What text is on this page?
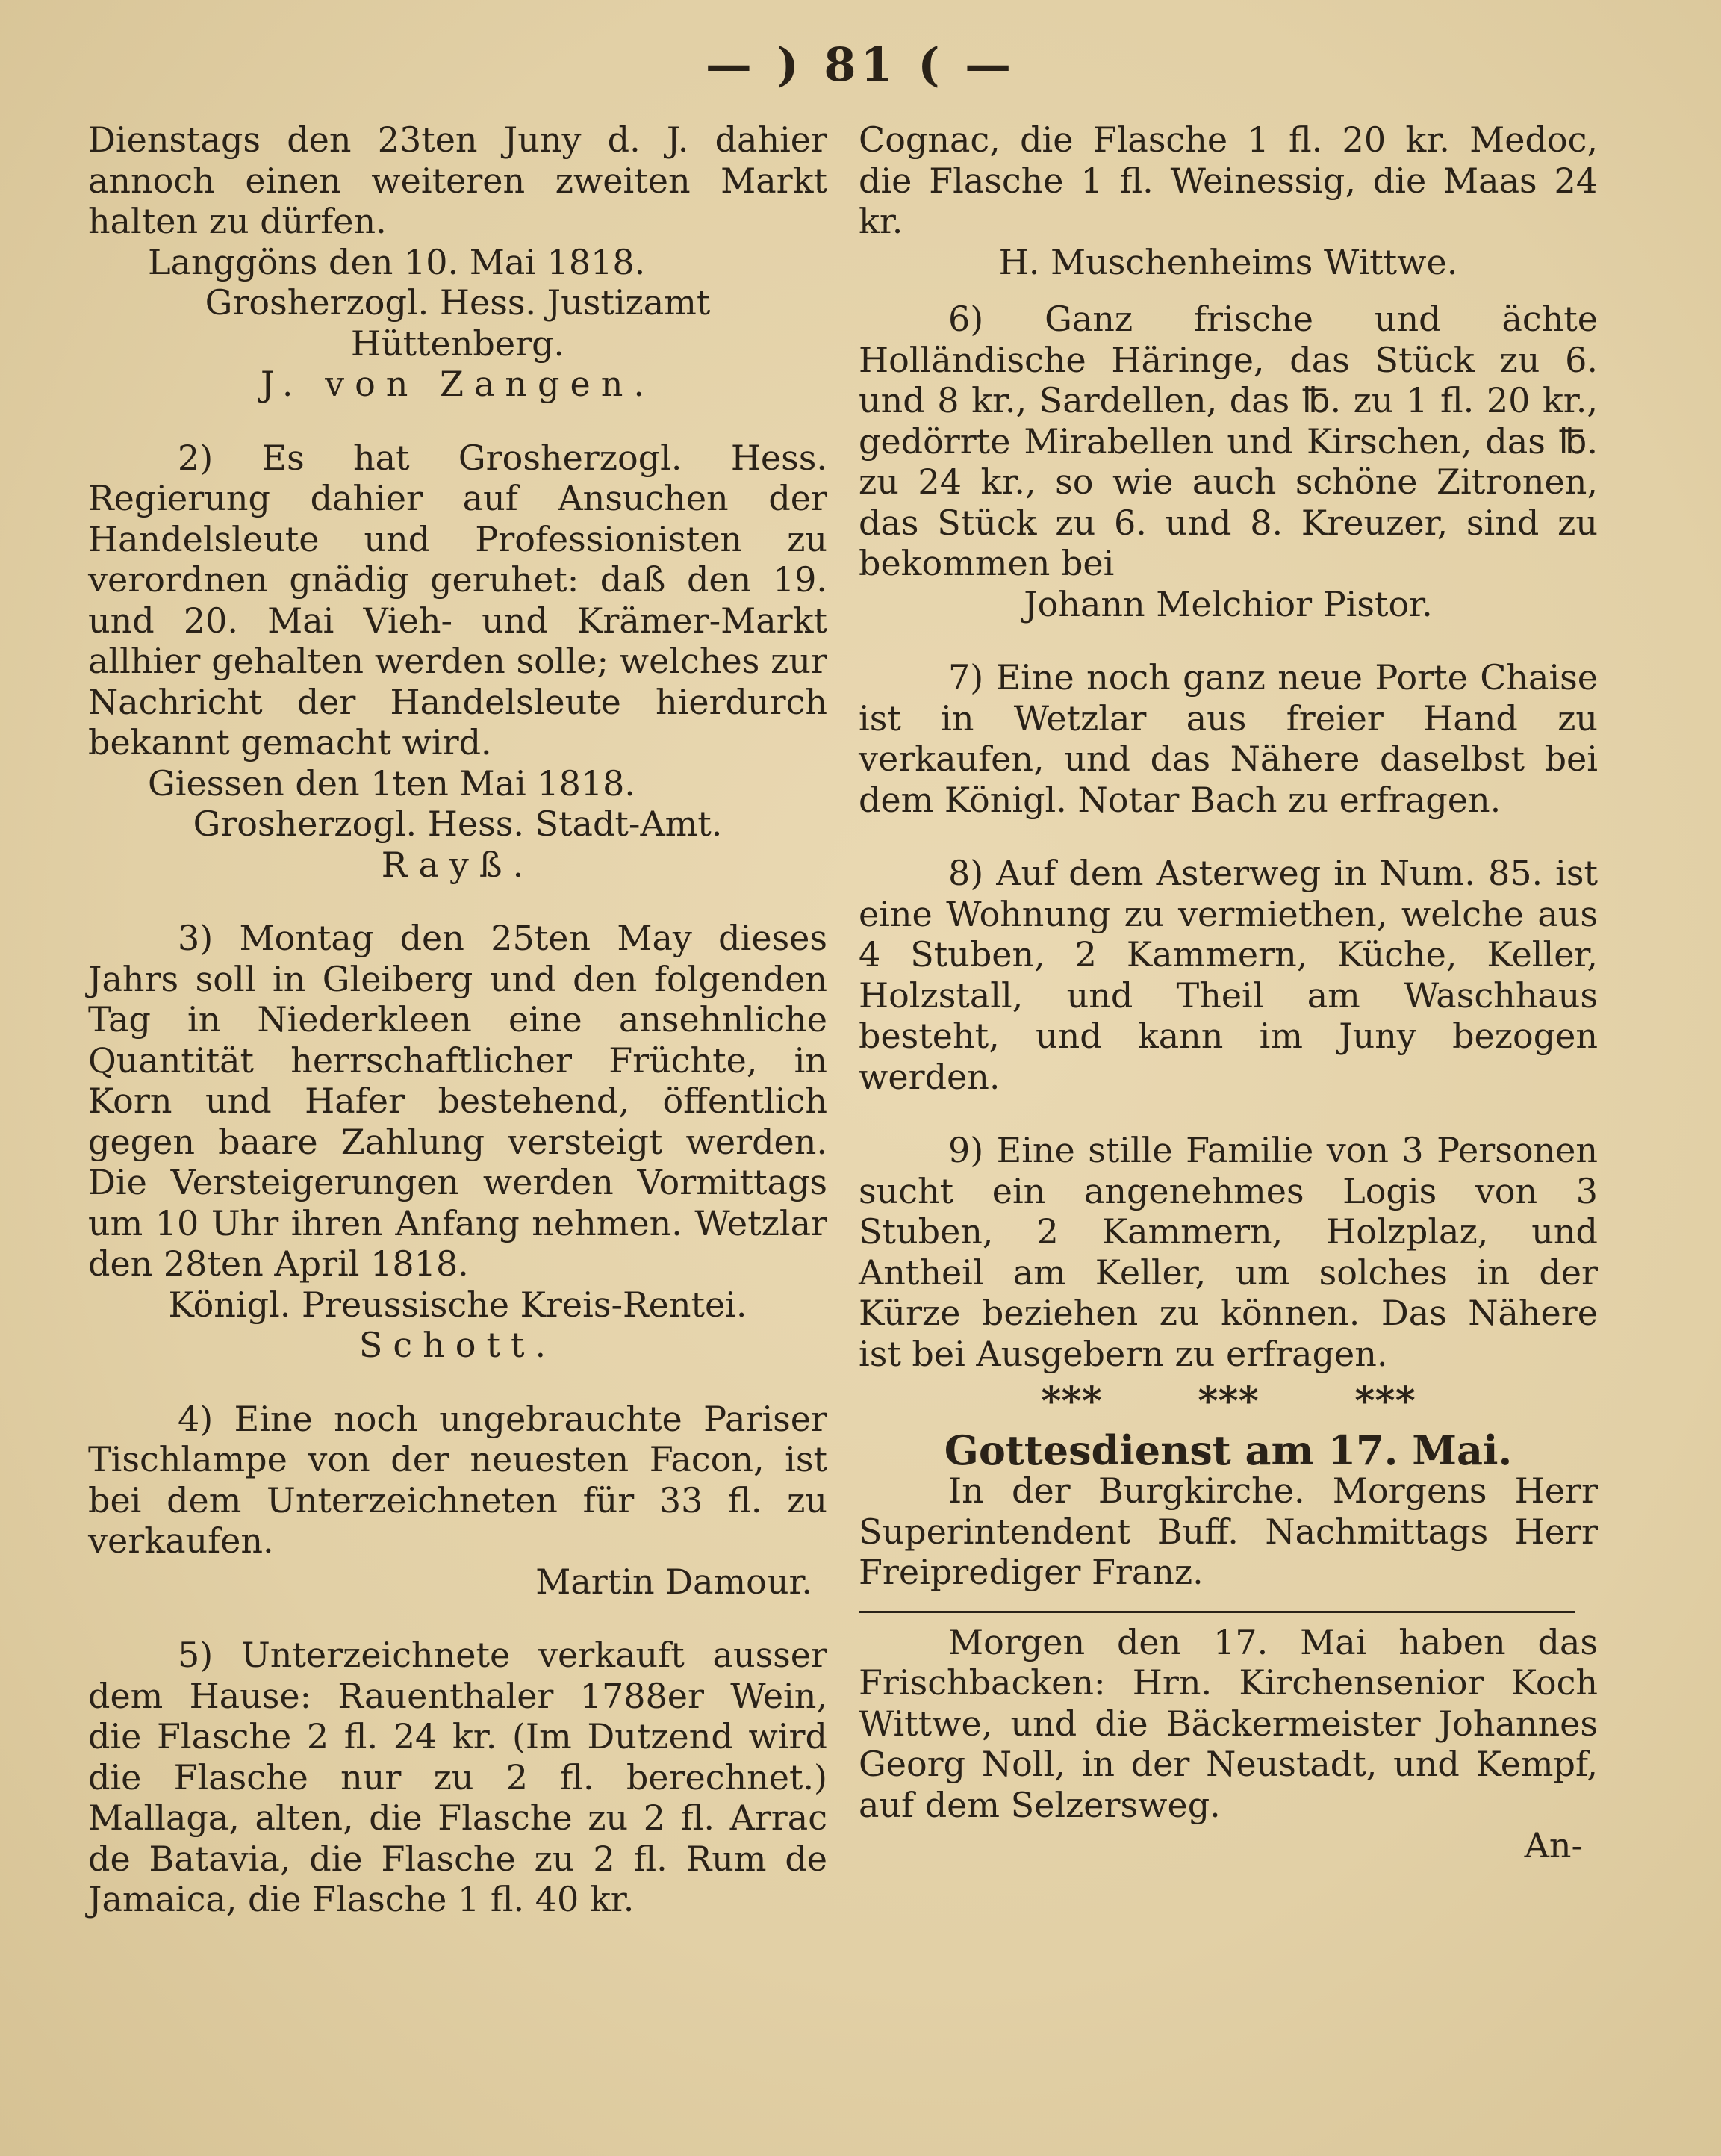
— ) 81 ( —

Dienstags den 23ten Juny d. J. dahier annoch einen weiteren zweiten Markt halten zu dürfen.

Langgöns den 10. Mai 1818.
Grosherzogl. Hess. Justizamt
Hüttenberg.
J. von Zangen.

2) Es hat Grosherzogl. Hess. Regierung dahier auf Ansuchen der Handelsleute und Professionisten zu verordnen gnädig geruhet: daß den 19. und 20. Mai Vieh- und Krämer-Markt allhier gehalten werden solle; welches zur Nachricht der Handelsleute hierdurch bekannt gemacht wird.

Giessen den 1ten Mai 1818.
Grosherzogl. Hess. Stadt-Amt.
Rayß.

3) Montag den 25ten May dieses Jahrs soll in Gleiberg und den folgenden Tag in Niederkleen eine ansehnliche Quantität herrschaftlicher Früchte, in Korn und Hafer bestehend, öffentlich gegen baare Zahlung versteigt werden. Die Versteigerungen werden Vormittags um 10 Uhr ihren Anfang nehmen. Wetzlar den 28ten April 1818.

Königl. Preussische Kreis-Rentei.
Schott.

4) Eine noch ungebrauchte Pariser Tischlampe von der neuesten Facon, ist bei dem Unterzeichneten für 33 fl. zu verkaufen.

Martin Damour.

5) Unterzeichnete verkauft ausser dem Hause: Rauenthaler 1788er Wein, die Flasche 2 fl. 24 kr. (Im Dutzend wird die Flasche nur zu 2 fl. berechnet.) Mallaga, alten, die Flasche zu 2 fl. Arrac de Batavia, die Flasche zu 2 fl. Rum de Jamaica, die Flasche 1 fl. 40 kr.

Cognac, die Flasche 1 fl. 20 kr. Medoc, die Flasche 1 fl. Weinessig, die Maas 24 kr.

H. Muschenheims Wittwe.

6) Ganz frische und ächte Holländische Häringe, das Stück zu 6. und 8 kr., Sardellen, das ℔. zu 1 fl. 20 kr., gedörrte Mirabellen und Kirschen, das ℔. zu 24 kr., so wie auch schöne Zitronen, das Stück zu 6. und 8. Kreuzer, sind zu bekommen bei

Johann Melchior Pistor.

7) Eine noch ganz neue Porte Chaise ist in Wetzlar aus freier Hand zu verkaufen, und das Nähere daselbst bei dem Königl. Notar Bach zu erfragen.

8) Auf dem Asterweg in Num. 85. ist eine Wohnung zu vermiethen, welche aus 4 Stuben, 2 Kammern, Küche, Keller, Holzstall, und Theil am Waschhaus besteht, und kann im Juny bezogen werden.

9) Eine stille Familie von 3 Personen sucht ein angenehmes Logis von 3 Stuben, 2 Kammern, Holzplaz, und Antheil am Keller, um solches in der Kürze beziehen zu können. Das Nähere ist bei Ausgebern zu erfragen.

*** *** ***
Gottesdienst am 17. Mai.

In der Burgkirche. Morgens Herr Superintendent Buff. Nachmittags Herr Freiprediger Franz.

Morgen den 17. Mai haben das Frischbacken: Hrn. Kirchensenior Koch Wittwe, und die Bäckermeister Johannes Georg Noll, in der Neustadt, und Kempf, auf dem Selzersweg.

An-
